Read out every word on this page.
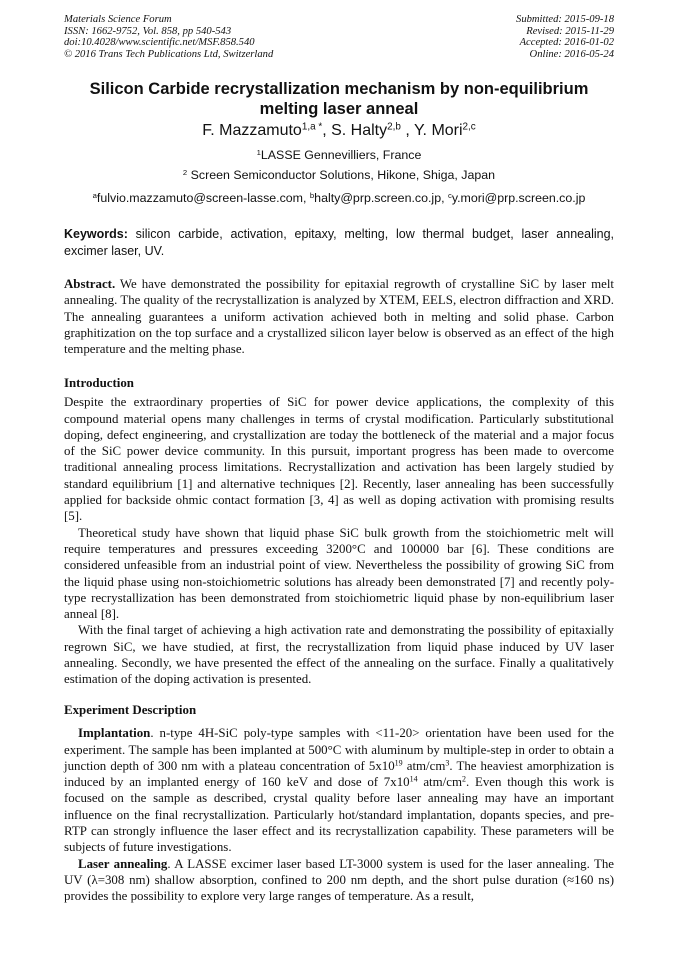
Materials Science Forum
ISSN: 1662-9752, Vol. 858, pp 540-543
doi:10.4028/www.scientific.net/MSF.858.540
© 2016 Trans Tech Publications Ltd, Switzerland
Submitted: 2015-09-18
Revised: 2015-11-29
Accepted: 2016-01-02
Online: 2016-05-24
Silicon Carbide recrystallization mechanism by non-equilibrium melting laser anneal
F. Mazzamuto$^{1,a *}$, S. Halty$^{2,b}$ , Y. Mori$^{2,c}$
$^1$LASSE Gennevilliers, France
$^2$ Screen Semiconductor Solutions, Hikone, Shiga, Japan
$^a$fulvio.mazzamuto@screen-lasse.com, $^b$halty@prp.screen.co.jp, $^c$y.mori@prp.screen.co.jp
Keywords: silicon carbide, activation, epitaxy, melting, low thermal budget, laser annealing, excimer laser, UV.

Abstract. We have demonstrated the possibility for epitaxial regrowth of crystalline SiC by laser melt annealing. The quality of the recrystallization is analyzed by XTEM, EELS, electron diffraction and XRD. The annealing guarantees a uniform activation achieved both in melting and solid phase. Carbon graphitization on the top surface and a crystallized silicon layer below is observed as an effect of the high temperature and the melting phase.

Introduction

Despite the extraordinary properties of SiC for power device applications, the complexity of this compound material opens many challenges in terms of crystal modification. Particularly substitutional doping, defect engineering, and crystallization are today the bottleneck of the material and a major focus of the SiC power device community. In this pursuit, important progress has been made to overcome traditional annealing process limitations. Recrystallization and activation has been largely studied by standard equilibrium [1] and alternative techniques [2]. Recently, laser annealing has been successfully applied for backside ohmic contact formation [3, 4] as well as doping activation with promising results [5].

Theoretical study have shown that liquid phase SiC bulk growth from the stoichiometric melt will require temperatures and pressures exceeding 3200°C and 100000 bar [6]. These conditions are considered unfeasible from an industrial point of view. Nevertheless the possibility of growing SiC from the liquid phase using non-stoichiometric solutions has already been demonstrated [7] and recently poly-type recrystallization has been demonstrated from stoichiometric liquid phase by non-equilibrium laser anneal [8].

With the final target of achieving a high activation rate and demonstrating the possibility of epitaxially regrown SiC, we have studied, at first, the recrystallization from liquid phase induced by UV laser annealing. Secondly, we have presented the effect of the annealing on the surface. Finally a qualitatively estimation of the doping activation is presented.

Experiment Description

Implantation. n-type 4H-SiC poly-type samples with <11-20> orientation have been used for the experiment. The sample has been implanted at 500°C with aluminum by multiple-step in order to obtain a junction depth of 300 nm with a plateau concentration of $5x10^{19}$ atm/$cm^3$. The heaviest amorphization is induced by an implanted energy of 160 keV and dose of $7x10^{14}$ atm/$cm^2$. Even though this work is focused on the sample as described, crystal quality before laser annealing may have an important influence on the final recrystallization. Particularly hot/standard implantation, dopants species, and pre-RTP can strongly influence the laser effect and its recrystallization capability. These parameters will be subjects of future investigations.

Laser annealing. A LASSE excimer laser based LT-3000 system is used for the laser annealing. The UV (λ=308 nm) shallow absorption, confined to 200 nm depth, and the short pulse duration (≈160 ns) provides the possibility to explore very large ranges of temperature. As a result,
